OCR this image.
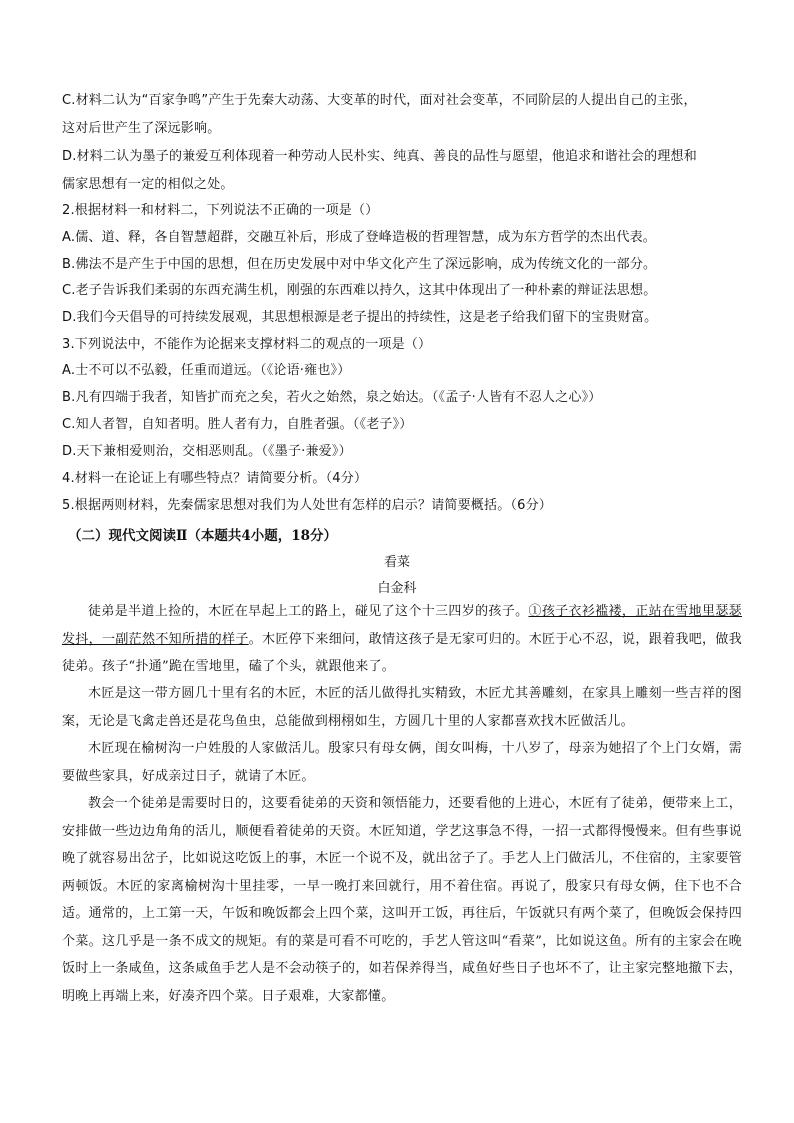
C.材料二认为“百家争鸣”产生于先秦大动荡、大变革的时代，面对社会变革，不同阶层的人提出自己的主张，
这对后世产生了深远影响。
D.材料二认为墨子的兼爱互利体现着一种劳动人民朴实、纯真、善良的品性与愿望，他追求和谐社会的理想和
儒家思想有一定的相似之处。
2.根据材料一和材料二，下列说法不正确的一项是（）
A.儒、道、释，各自智慧超群，交融互补后，形成了登峰造极的哲理智慧，成为东方哲学的杰出代表。
B.佛法不是产生于中国的思想，但在历史发展中对中华文化产生了深远影响，成为传统文化的一部分。
C.老子告诉我们柔弱的东西充满生机，刚强的东西难以持久，这其中体现出了一种朴素的辩证法思想。
D.我们今天倡导的可持续发展观，其思想根源是老子提出的持续性，这是老子给我们留下的宝贵财富。
3.下列说法中，不能作为论据来支撑材料二的观点的一项是（）
A.士不可以不弘毅，任重而道远。（《论语·雍也》）
B.凡有四端于我者，知皆扩而充之矣，若火之始然，泉之始达。（《孟子·人皆有不忍人之心》）
C.知人者智，自知者明。胜人者有力，自胜者强。（《老子》）
D.天下兼相爱则治，交相恶则乱。（《墨子·兼爱》）
4.材料一在论证上有哪些特点？请简要分析。（4分）
5.根据两则材料，先秦儒家思想对我们为人处世有怎样的启示？请简要概括。（6分）
（二）现代文阅读Ⅱ（本题共4小题，18分）
看菜
白金科
徒弟是半道上捡的，木匠在早起上工的路上，碰见了这个十三四岁的孩子。①孩子衣衫褴褛，正站在雪地里瑟瑟发抖，一副茫然不知所措的样子。木匠停下来细问，敢情这孩子是无家可归的。木匠于心不忍，说，跟着我吧，做我徒弟。孩子“扑通”跪在雪地里，磕了个头，就跟他来了。
木匠是这一带方圆几十里有名的木匠，木匠的活儿做得扎实精致，木匠尤其善雕刻，在家具上雕刻一些吉祥的图案，无论是飞禽走兽还是花鸟鱼虫，总能做到栩栩如生，方圆几十里的人家都喜欢找木匠做活儿。
木匠现在榆树沟一户姓殷的人家做活儿。殷家只有母女俩，闺女叫梅，十八岁了，母亲为她招了个上门女婿，需要做些家具，好成亲过日子，就请了木匠。
教会一个徒弟是需要时日的，这要看徒弟的天资和领悟能力，还要看他的上进心，木匠有了徒弟，便带来上工，安排做一些边边角角的活儿，顺便看着徒弟的天资。木匠知道，学艺这事急不得，一招一式都得慢慢来。但有些事说晚了就容易出岔子，比如说这吃饭上的事，木匠一个说不及，就出岔子了。手艺人上门做活儿，不住宿的，主家要管两顿饭。木匠的家离榆树沟十里挂零，一早一晚打来回就行，用不着住宿。再说了，殷家只有母女俩，住下也不合适。通常的，上工第一天，午饭和晚饭都会上四个菜，这叫开工饭，再往后，午饭就只有两个菜了，但晚饭会保持四个菜。这几乎是一条不成文的规矩。有的菜是可看不可吃的，手艺人管这叫“看菜”，比如说这鱼。所有的主家会在晚饭时上一条咸鱼，这条咸鱼手艺人是不会动筷子的，如若保养得当，咸鱼好些日子也坏不了，让主家完整地撤下去，明晚上再端上来，好凑齐四个菜。日子艰难，大家都懂。
